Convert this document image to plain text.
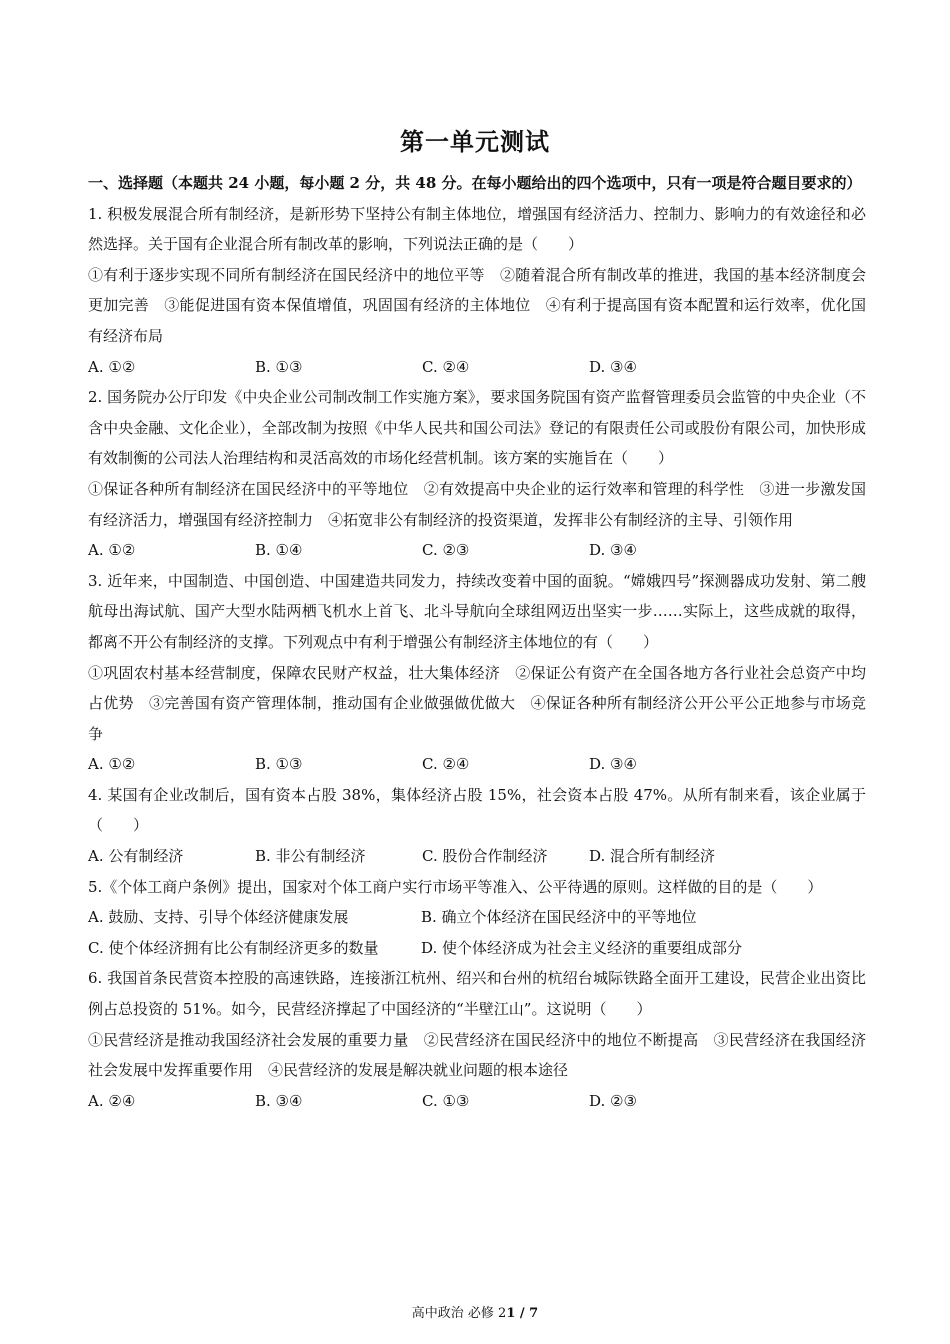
第一单元测试

一、选择题（本题共 24 小题，每小题 2 分，共 48 分。在每小题给出的四个选项中，只有一项是符合题目要求的）

1. 积极发展混合所有制经济，是新形势下坚持公有制主体地位，增强国有经济活力、控制力、影响力的有效途径和必然选择。关于国有企业混合所有制改革的影响，下列说法正确的是（　　）

①有利于逐步实现不同所有制经济在国民经济中的地位平等　②随着混合所有制改革的推进，我国的基本经济制度会更加完善　③能促进国有资本保值增值，巩固国有经济的主体地位　④有利于提高国有资本配置和运行效率，优化国有经济布局

A. ①②	B. ①③	C. ②④	D. ③④

2. 国务院办公厅印发《中央企业公司制改制工作实施方案》，要求国务院国有资产监督管理委员会监管的中央企业（不含中央金融、文化企业），全部改制为按照《中华人民共和国公司法》登记的有限责任公司或股份有限公司，加快形成有效制衡的公司法人治理结构和灵活高效的市场化经营机制。该方案的实施旨在（　　）

①保证各种所有制经济在国民经济中的平等地位　②有效提高中央企业的运行效率和管理的科学性　③进一步激发国有经济活力，增强国有经济控制力　④拓宽非公有制经济的投资渠道，发挥非公有制经济的主导、引领作用

A. ①②	B. ①④	C. ②③	D. ③④

3. 近年来，中国制造、中国创造、中国建造共同发力，持续改变着中国的面貌。“嫦娥四号”探测器成功发射、第二艘航母出海试航、国产大型水陆两栖飞机水上首飞、北斗导航向全球组网迈出坚实一步……实际上，这些成就的取得，都离不开公有制经济的支撑。下列观点中有利于增强公有制经济主体地位的有（　　）

①巩固农村基本经营制度，保障农民财产权益，壮大集体经济　②保证公有资产在全国各地方各行业社会总资产中均占优势　③完善国有资产管理体制，推动国有企业做强做优做大　④保证各种所有制经济公开公平公正地参与市场竞争

A. ①②	B. ①③	C. ②④	D. ③④

4. 某国有企业改制后，国有资本占股 38%，集体经济占股 15%，社会资本占股 47%。从所有制来看，该企业属于（　　）

A. 公有制经济	B. 非公有制经济	C. 股份合作制经济	D. 混合所有制经济

5.《个体工商户条例》提出，国家对个体工商户实行市场平等准入、公平待遇的原则。这样做的目的是（　　）

A. 鼓励、支持、引导个体经济健康发展	B. 确立个体经济在国民经济中的平等地位
C. 使个体经济拥有比公有制经济更多的数量	D. 使个体经济成为社会主义经济的重要组成部分

6. 我国首条民营资本控股的高速铁路，连接浙江杭州、绍兴和台州的杭绍台城际铁路全面开工建设，民营企业出资比例占总投资的 51%。如今，民营经济撑起了中国经济的“半壁江山”。这说明（　　）

①民营经济是推动我国经济社会发展的重要力量　②民营经济在国民经济中的地位不断提高　③民营经济在我国经济社会发展中发挥重要作用　④民营经济的发展是解决就业问题的根本途径

A. ②④	B. ③④	C. ①③	D. ②③
高中政治 必修 21 / 7
